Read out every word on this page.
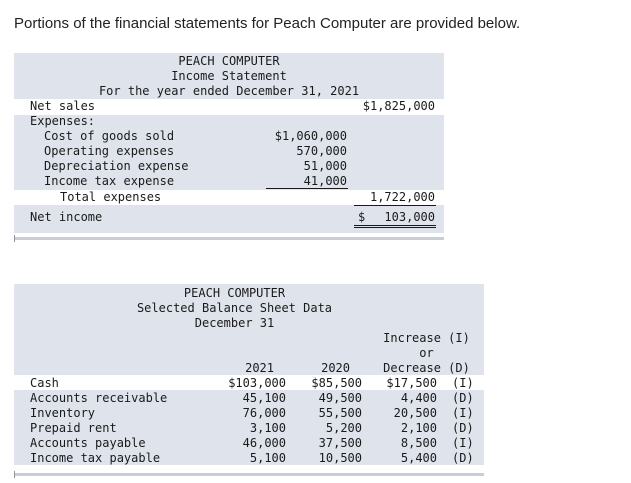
Portions of the financial statements for Peach Computer are provided below.
PEACH COMPUTER
Income Statement
For the year ended December 31, 2021
Net sales	$1,825,000
Expenses:
Cost of goods sold	$1,060,000
Operating expenses	570,000
Depreciation expense	51,000
Income tax expense	41,000
Total expenses	1,722,000
Net income	$	103,000
PEACH COMPUTER
Selected Balance Sheet Data
December 31
Increase (I)
or
Decrease (D)
2021	2020
Cash	$103,000	$85,500	$17,500 (I)
Accounts receivable	45,100	49,500	4,400 (D)
Inventory	76,000	55,500	20,500 (I)
Prepaid rent	3,100	5,200	2,100 (D)
Accounts payable	46,000	37,500	8,500 (I)
Income tax payable	5,100	10,500	5,400 (D)
